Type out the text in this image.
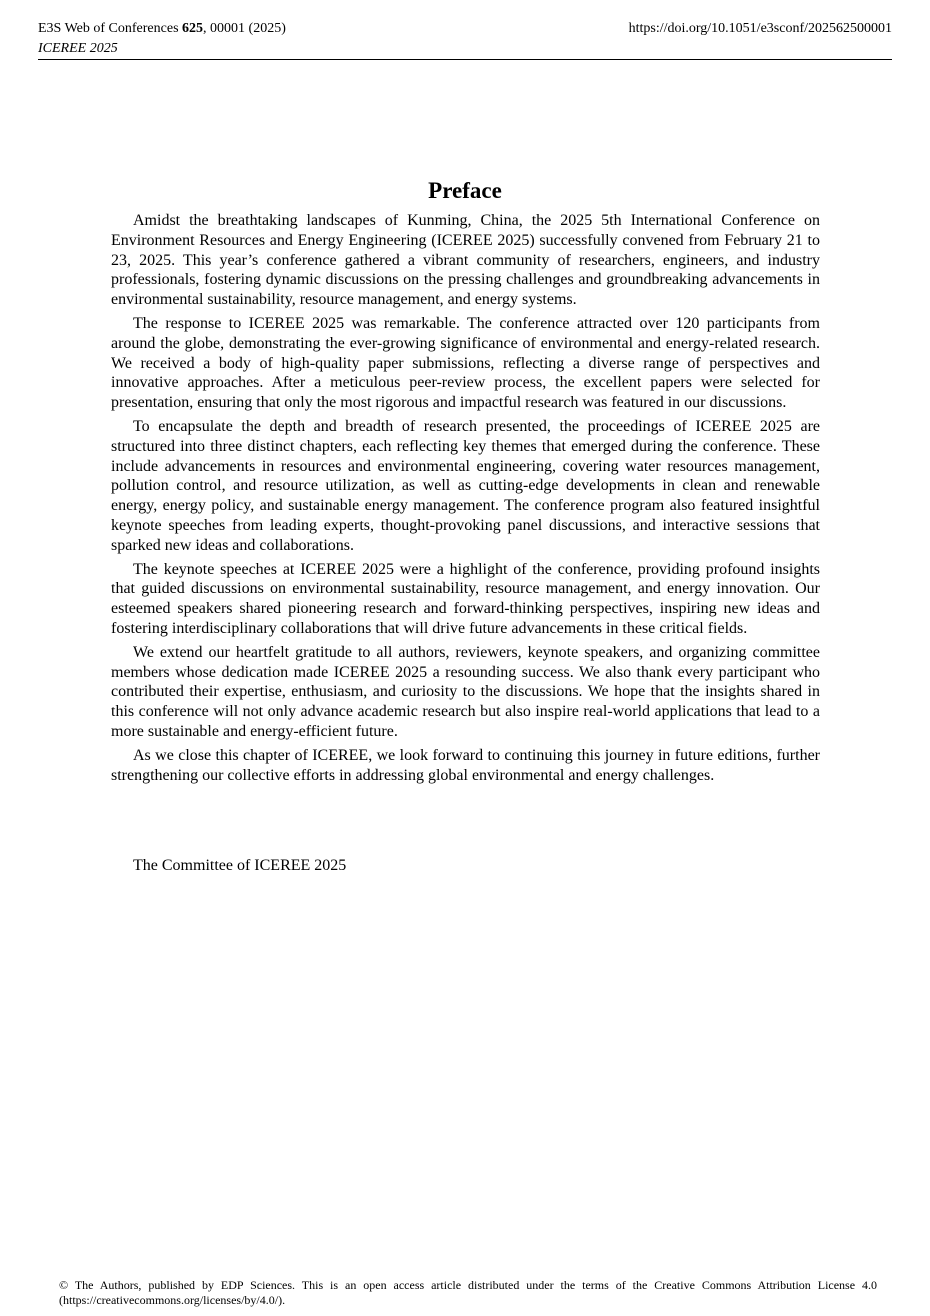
E3S Web of Conferences 625, 00001 (2025)	https://doi.org/10.1051/e3sconf/202562500001
ICEREE 2025
Preface

Amidst the breathtaking landscapes of Kunming, China, the 2025 5th International Conference on Environment Resources and Energy Engineering (ICEREE 2025) successfully convened from February 21 to 23, 2025. This year’s conference gathered a vibrant community of researchers, engineers, and industry professionals, fostering dynamic discussions on the pressing challenges and groundbreaking advancements in environmental sustainability, resource management, and energy systems.

The response to ICEREE 2025 was remarkable. The conference attracted over 120 participants from around the globe, demonstrating the ever-growing significance of environmental and energy-related research. We received a body of high-quality paper submissions, reflecting a diverse range of perspectives and innovative approaches. After a meticulous peer-review process, the excellent papers were selected for presentation, ensuring that only the most rigorous and impactful research was featured in our discussions.

To encapsulate the depth and breadth of research presented, the proceedings of ICEREE 2025 are structured into three distinct chapters, each reflecting key themes that emerged during the conference. These include advancements in resources and environmental engineering, covering water resources management, pollution control, and resource utilization, as well as cutting-edge developments in clean and renewable energy, energy policy, and sustainable energy management. The conference program also featured insightful keynote speeches from leading experts, thought-provoking panel discussions, and interactive sessions that sparked new ideas and collaborations.

The keynote speeches at ICEREE 2025 were a highlight of the conference, providing profound insights that guided discussions on environmental sustainability, resource management, and energy innovation. Our esteemed speakers shared pioneering research and forward-thinking perspectives, inspiring new ideas and fostering interdisciplinary collaborations that will drive future advancements in these critical fields.

We extend our heartfelt gratitude to all authors, reviewers, keynote speakers, and organizing committee members whose dedication made ICEREE 2025 a resounding success. We also thank every participant who contributed their expertise, enthusiasm, and curiosity to the discussions. We hope that the insights shared in this conference will not only advance academic research but also inspire real-world applications that lead to a more sustainable and energy-efficient future.

As we close this chapter of ICEREE, we look forward to continuing this journey in future editions, further strengthening our collective efforts in addressing global environmental and energy challenges.

The Committee of ICEREE 2025
© The Authors, published by EDP Sciences. This is an open access article distributed under the terms of the Creative Commons Attribution License 4.0
(https://creativecommons.org/licenses/by/4.0/).
